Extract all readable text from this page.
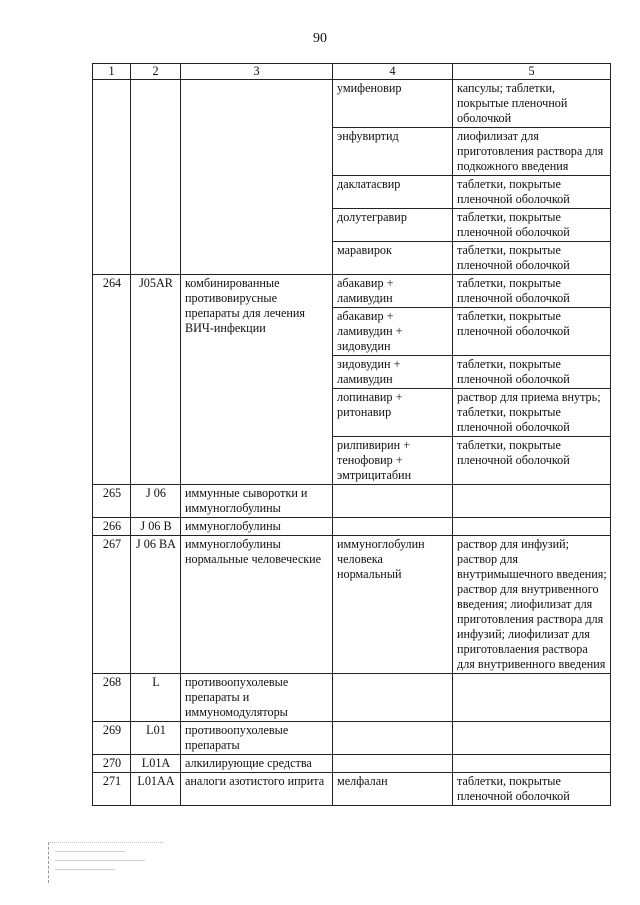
90
1	2	3	4	5
			умифеновир	капсулы; таблетки, покрытые пленочной оболочкой
			энфувиртид	лиофилизат для приготовления раствора для подкожного введения
			даклатасвир	таблетки, покрытые пленочной оболочкой
			долутегравир	таблетки, покрытые пленочной оболочкой
			маравирок	таблетки, покрытые пленочной оболочкой
264	J05AR	комбинированные противовирусные препараты для лечения ВИЧ-инфекции	абакавир + ламивудин	таблетки, покрытые пленочной оболочкой
			абакавир + ламивудин + зидовудин	таблетки, покрытые пленочной оболочкой
			зидовудин + ламивудин	таблетки, покрытые пленочной оболочкой
			лопинавир + ритонавир	раствор для приема внутрь; таблетки, покрытые пленочной оболочкой
			рилпивирин + тенофовир + эмтрицитабин	таблетки, покрытые пленочной оболочкой
265	J 06	иммунные сыворотки и иммуноглобулины		
266	J 06 B	иммуноглобулины		
267	J 06 BA	иммуноглобулины нормальные человеческие	иммуноглобулин человека нормальный	раствор для инфузий; раствор для внутримышечного введения; раствор для внутривенного введения; лиофилизат для приготовления раствора для инфузий; лиофилизат для приготовлаения раствора для внутривенного введения
268	L	противоопухолевые препараты и иммуномодуляторы		
269	L01	противоопухолевые препараты		
270	L01A	алкилирующие средства		
271	L01AA	аналоги азотистого иприта	мелфалан	таблетки, покрытые пленочной оболочкой
